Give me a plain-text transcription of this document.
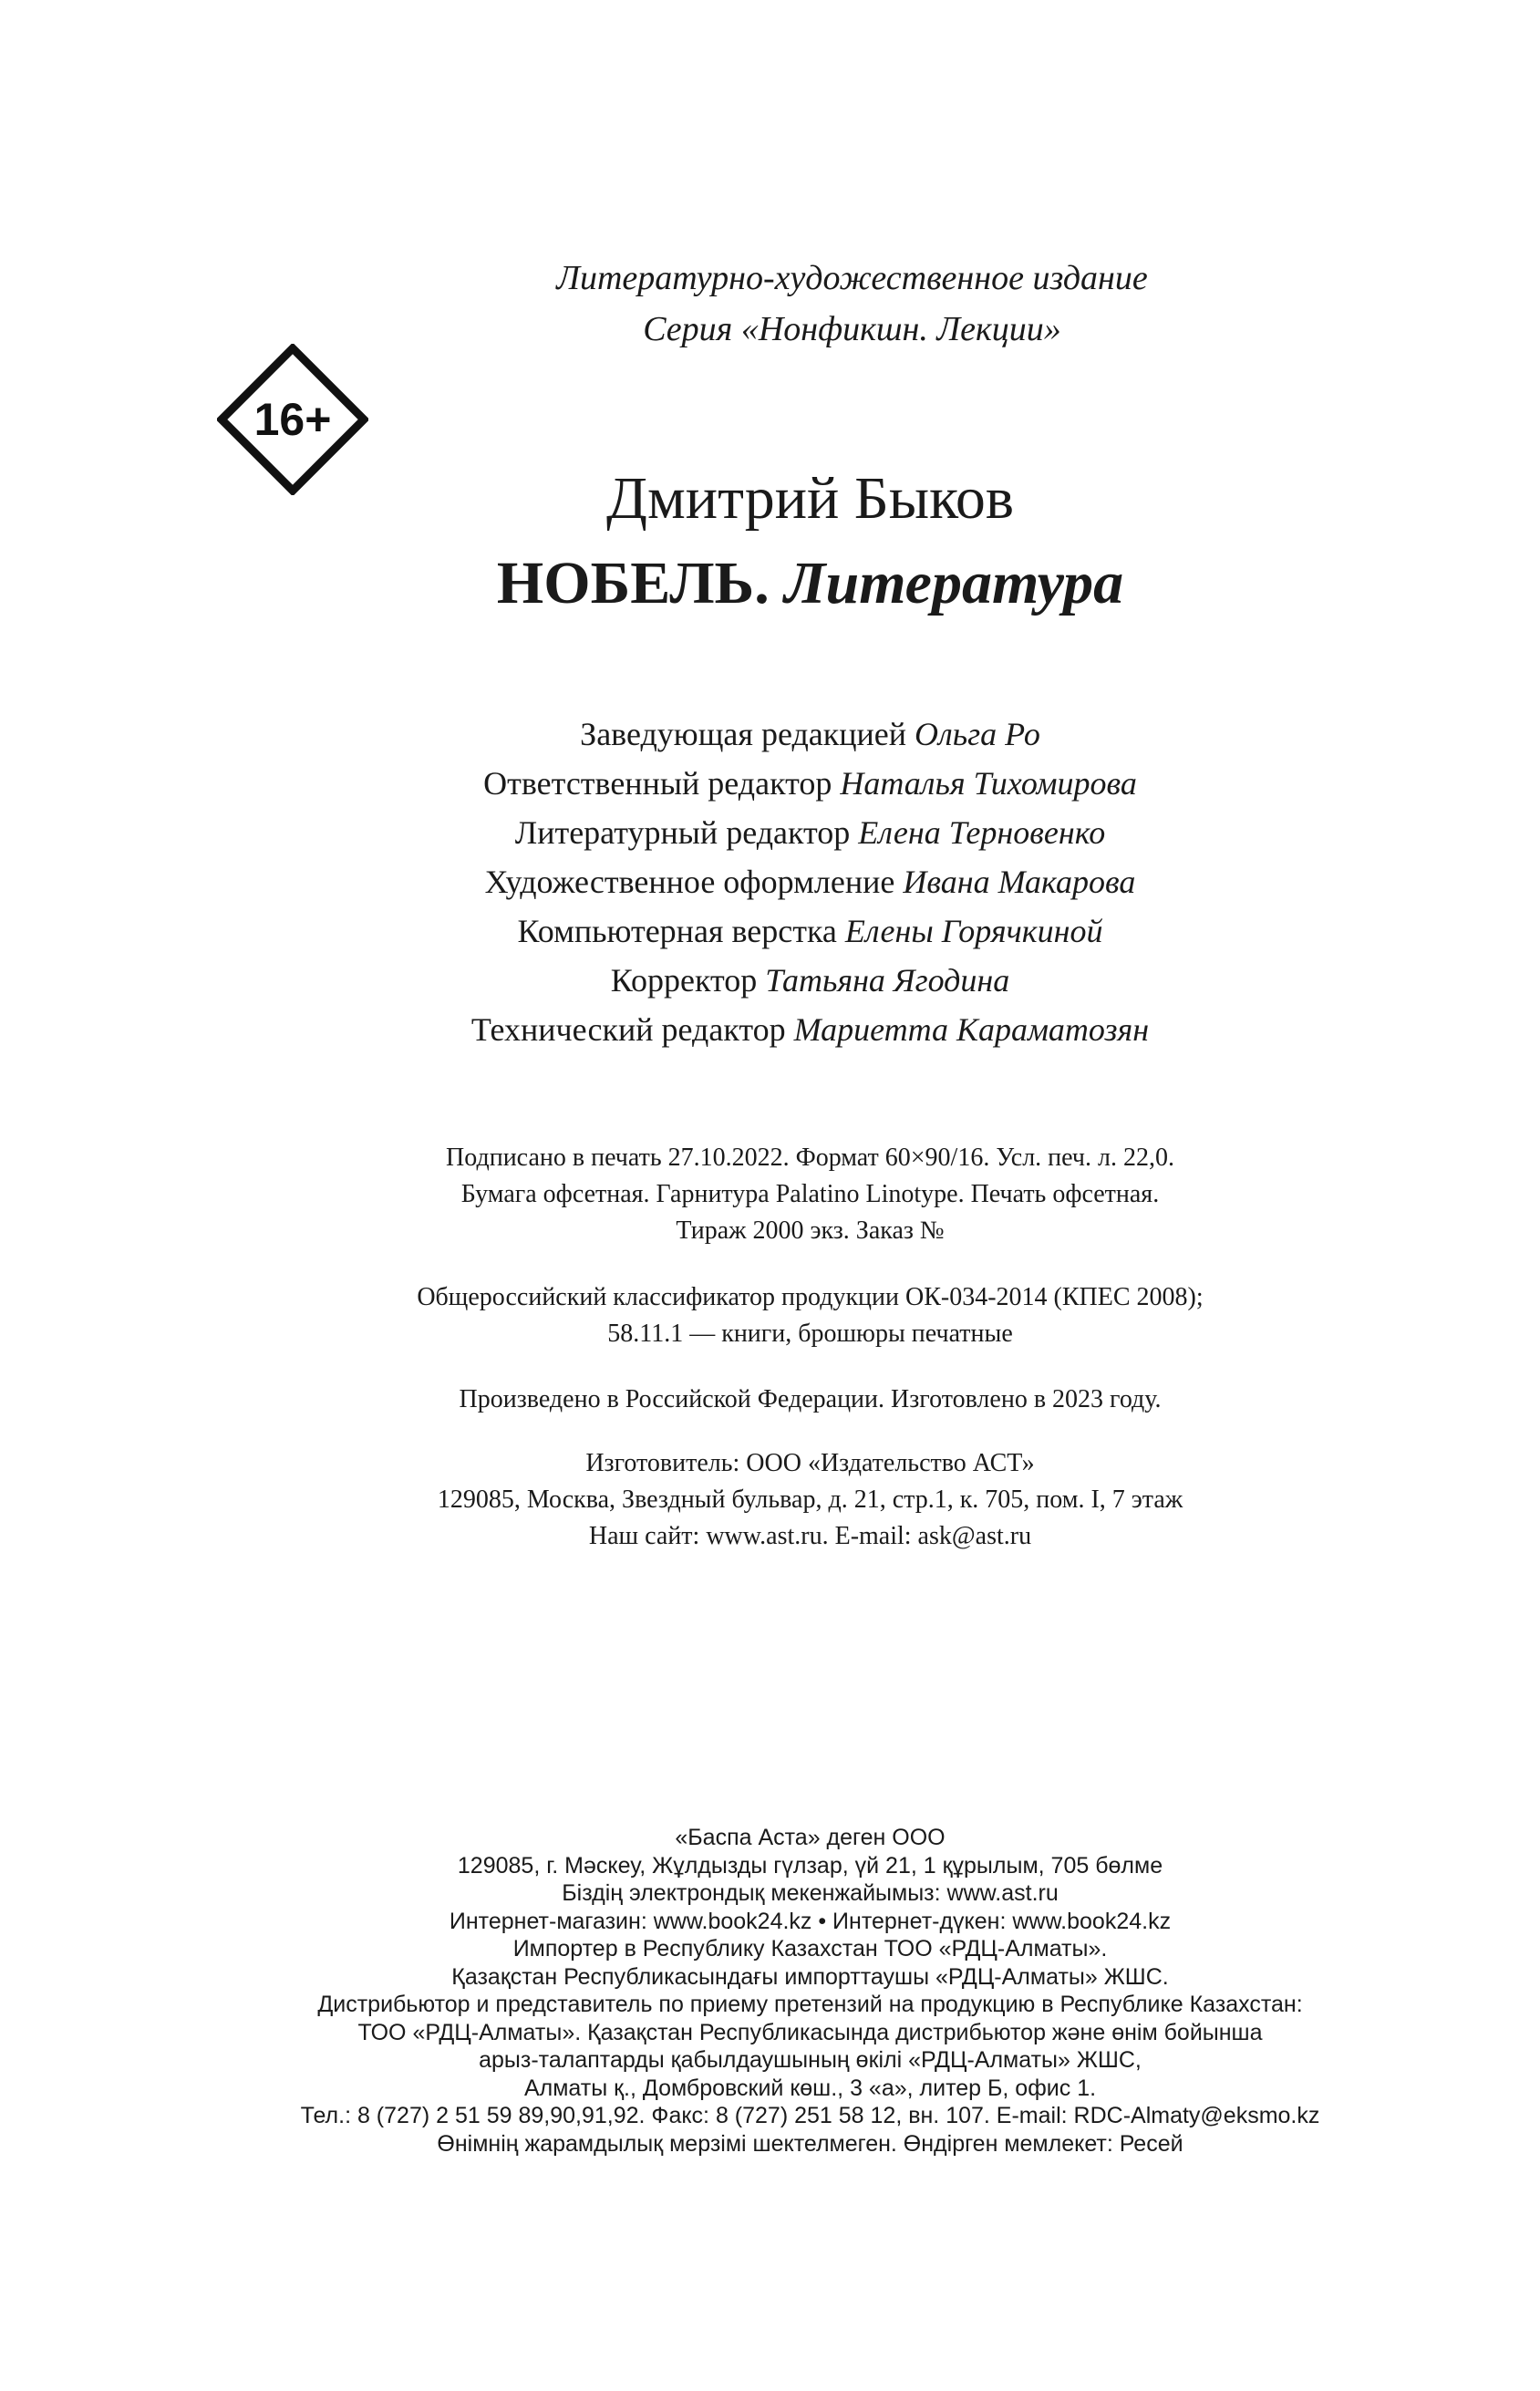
Литературно-художественное издание
Серия «Нонфикшн. Лекции»
16+
Дмитрий Быков
НОБЕЛЬ. Литература
Заведующая редакцией Ольга Ро
Ответственный редактор Наталья Тихомирова
Литературный редактор Елена Терновенко
Художественное оформление Ивана Макарова
Компьютерная верстка Елены Горячкиной
Корректор Татьяна Ягодина
Технический редактор Мариетта Караматозян
Подписано в печать 27.10.2022. Формат 60×90/16. Усл. печ. л. 22,0.
Бумага офсетная. Гарнитура Palatino Linotype. Печать офсетная.
Тираж 2000 экз. Заказ №
Общероссийский классификатор продукции ОК-034-2014 (КПЕС 2008);
58.11.1 — книги, брошюры печатные
Произведено в Российской Федерации. Изготовлено в 2023 году.
Изготовитель: ООО «Издательство АСТ»
129085, Москва, Звездный бульвар, д. 21, стр.1, к. 705, пом. I, 7 этаж
Наш сайт: www.ast.ru. E-mail: ask@ast.ru
«Баспа Аста» деген ООО
129085, г. Мәскеу, Жұлдызды гүлзар, үй 21, 1 құрылым, 705 бөлме
Біздің электрондық мекенжайымыз: www.ast.ru
Интернет-магазин: www.book24.kz • Интернет-дүкен: www.book24.kz
Импортер в Республику Казахстан ТОО «РДЦ-Алматы».
Қазақстан Республикасындағы импорттаушы «РДЦ-Алматы» ЖШС.
Дистрибьютор и представитель по приему претензий на продукцию в Республике Казахстан:
ТОО «РДЦ-Алматы». Қазақстан Республикасында дистрибьютор және өнім бойынша
арыз-талаптарды қабылдаушының өкілі «РДЦ-Алматы» ЖШС,
Алматы қ., Домбровский көш., 3 «а», литер Б, офис 1.
Тел.: 8 (727) 2 51 59 89,90,91,92. Факс: 8 (727) 251 58 12, вн. 107. E-mail: RDC-Almaty@eksmo.kz
Өнімнің жарамдылық мерзімі шектелмеген. Өндірген мемлекет: Ресей
